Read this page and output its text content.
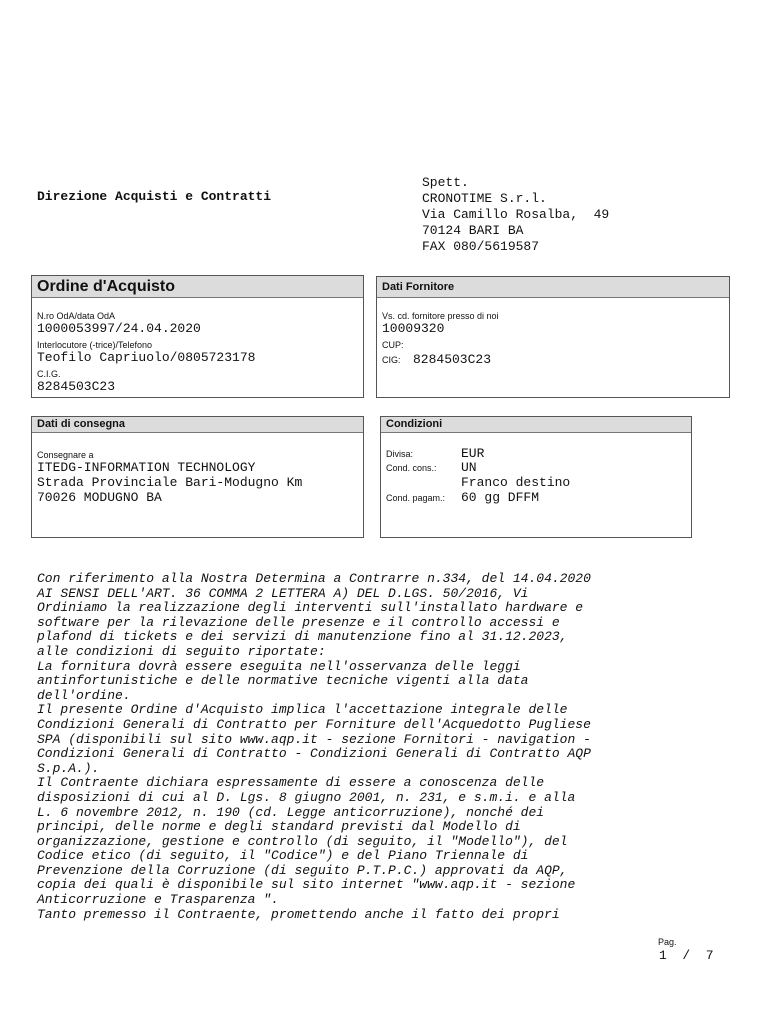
Direzione Acquisti e Contratti
Spett.
CRONOTIME S.r.l.
Via Camillo Rosalba,  49
70124 BARI BA
FAX 080/5619587
Ordine d'Acquisto
N.ro OdA/data OdA
1000053997/24.04.2020
Interlocutore (-trice)/Telefono
Teofilo Capriuolo/0805723178
C.I.G.
8284503C23
Dati Fornitore
Vs. cd. fornitore presso di noi
10009320
CUP:
CIG: 8284503C23
Dati di consegna
Consegnare a
ITEDG-INFORMATION TECHNOLOGY
Strada Provinciale Bari-Modugno Km
70026 MODUGNO BA
Condizioni
Divisa:	EUR
Cond. cons.: UN
Franco destino
Cond. pagam.: 60 gg DFFM
Con riferimento alla Nostra Determina a Contrarre n.334, del 14.04.2020
AI SENSI DELL'ART. 36 COMMA 2 LETTERA A) DEL D.LGS. 50/2016, Vi
Ordiniamo la realizzazione degli interventi sull'installato hardware e
software per la rilevazione delle presenze e il controllo accessi e
plafond di tickets e dei servizi di manutenzione fino al 31.12.2023,
alle condizioni di seguito riportate:
La fornitura dovrà essere eseguita nell'osservanza delle leggi
antinfortunistiche e delle normative tecniche vigenti alla data
dell'ordine.
Il presente Ordine d'Acquisto implica l'accettazione integrale delle
Condizioni Generali di Contratto per Forniture dell'Acquedotto Pugliese
SPA (disponibili sul sito www.aqp.it - sezione Fornitori - navigation -
Condizioni Generali di Contratto - Condizioni Generali di Contratto AQP
S.p.A.).
Il Contraente dichiara espressamente di essere a conoscenza delle
disposizioni di cui al D. Lgs. 8 giugno 2001, n. 231, e s.m.i. e alla
L. 6 novembre 2012, n. 190 (cd. Legge anticorruzione), nonché dei
principi, delle norme e degli standard previsti dal Modello di
organizzazione, gestione e controllo (di seguito, il "Modello"), del
Codice etico (di seguito, il "Codice") e del Piano Triennale di
Prevenzione della Corruzione (di seguito P.T.P.C.) approvati da AQP,
copia dei quali è disponibile sul sito internet "www.aqp.it - sezione
Anticorruzione e Trasparenza ".
Tanto premesso il Contraente, promettendo anche il fatto dei propri
Pag.
1  /  7
